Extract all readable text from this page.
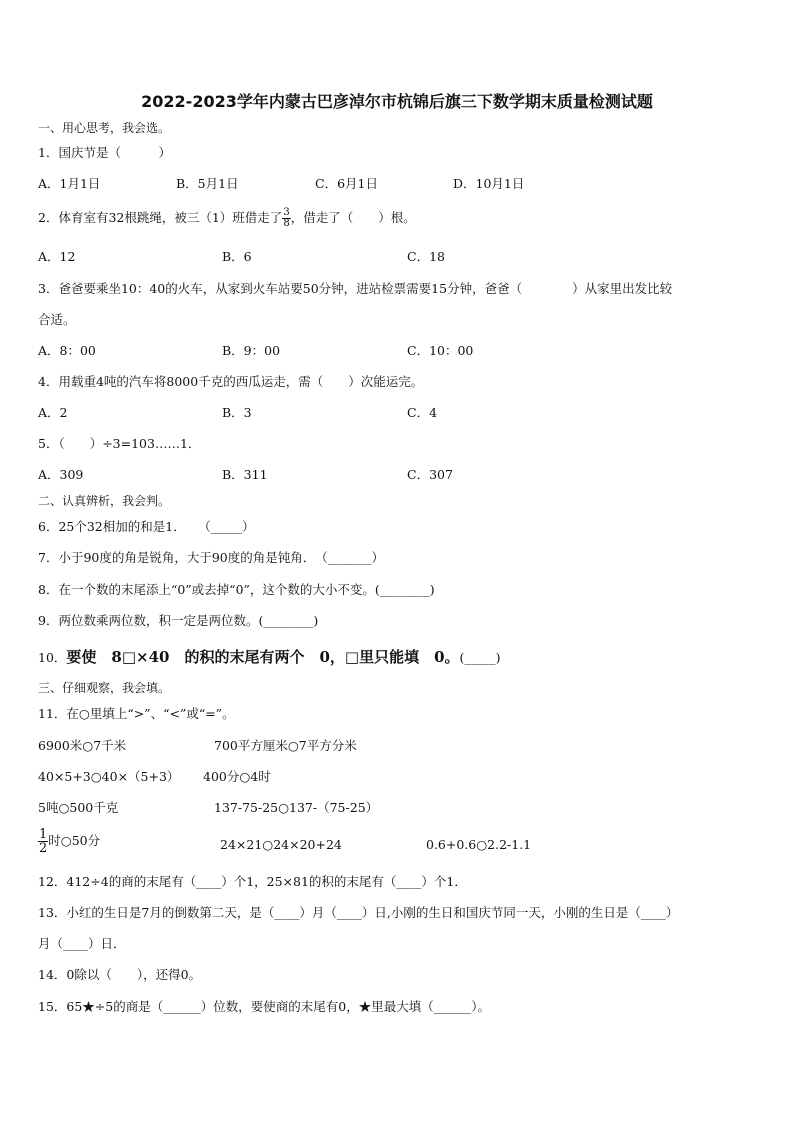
2022-2023学年内蒙古巴彦淖尔市杭锦后旗三下数学期末质量检测试题
一、用心思考，我会选。
1．国庆节是（　　　）
A．1月1日	B．5月1日	C．6月1日	D．10月1日
2．体育室有32根跳绳，被三（1）班借走了 $\frac{3}{8}$ ，借走了（　　）根。
A．12	B．6	C．18
3．爸爸要乘坐10：40的火车，从家到火车站要50分钟，进站检票需要15分钟，爸爸（　　　　）从家里出发比较
合适。
A．8：00	B．9：00	C．10：00
4．用载重4吨的汽车将8000千克的西瓜运走，需（　　）次能运完。
A．2	B．3	C．4
5．（　　）÷3=103……1．
A．309	B．311	C．307
二、认真辨析，我会判。
6．25个32相加的和是1．　　（_____）
7．小于90度的角是锐角，大于90度的角是钝角．　（_______）
8．在一个数的末尾添上“0”或去掉“0”，这个数的大小不变。(________)
9．两位数乘两位数，积一定是两位数。(________)
10．要使　8□×40　的积的末尾有两个　0，□里只能填　0。(_____)
三、仔细观察，我会填。
11．在○里填上“>”、“<”或“=”。
6900米○7千米	700平方厘米○7平方分米
40×5+3○40×（5+3） 400分○4时
5吨○500千克	137-75-25○137-（75-25）
$\frac{1}{2}$ 时○50分	24×21○24×20+24	0.6+0.6○2.2-1.1
12．412÷4的商的末尾有（____）个1，25×81的积的末尾有（____）个1．
13．小红的生日是7月的倒数第二天，是（____）月（____）日,小刚的生日和国庆节同一天，小刚的生日是（____）
月（____）日．
14．0除以（　　），还得0。
15．65★÷5的商是（______）位数，要使商的末尾有0，★里最大填（______）。
